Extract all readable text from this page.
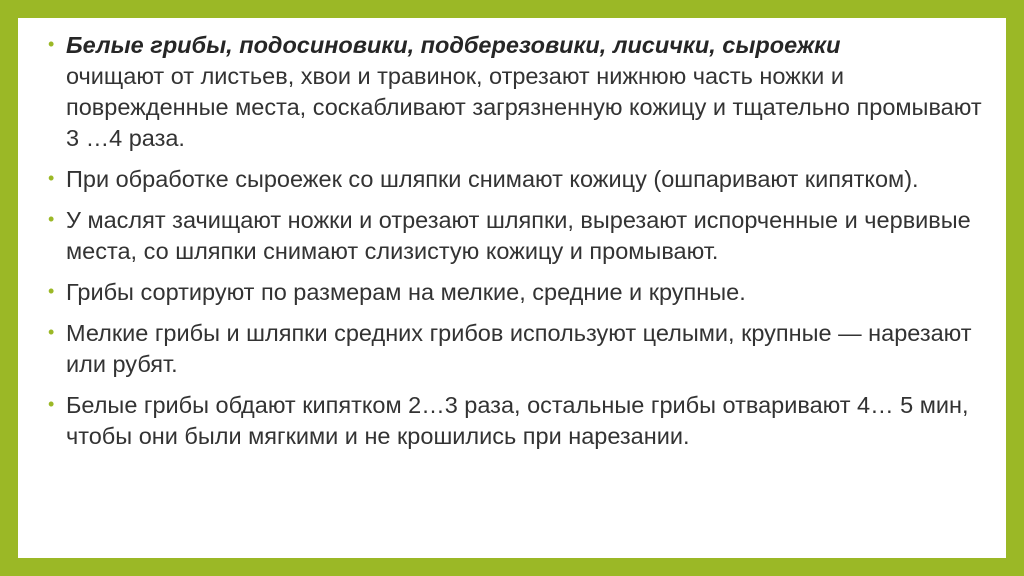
• Белые грибы, подосиновики, подберезовики, лисички, сыроежки
очищают от листьев, хвои и травинок, отрезают нижнюю часть ножки и поврежденные места, соскабливают загрязненную кожицу и тщательно промывают 3 …4 раза.
• При обработке сыроежек со шляпки снимают кожицу (ошпаривают кипятком).
• У маслят зачищают ножки и отрезают шляпки, вырезают испорченные и червивые места, со шляпки снимают слизистую кожицу и промывают.
• Грибы сортируют по размерам на мелкие, средние и крупные.
• Мелкие грибы и шляпки средних грибов используют целыми, крупные — нарезают или рубят.
• Белые грибы обдают кипятком 2…3 раза, остальные грибы отваривают 4… 5 мин, чтобы они были мягкими и не крошились при нарезании.
